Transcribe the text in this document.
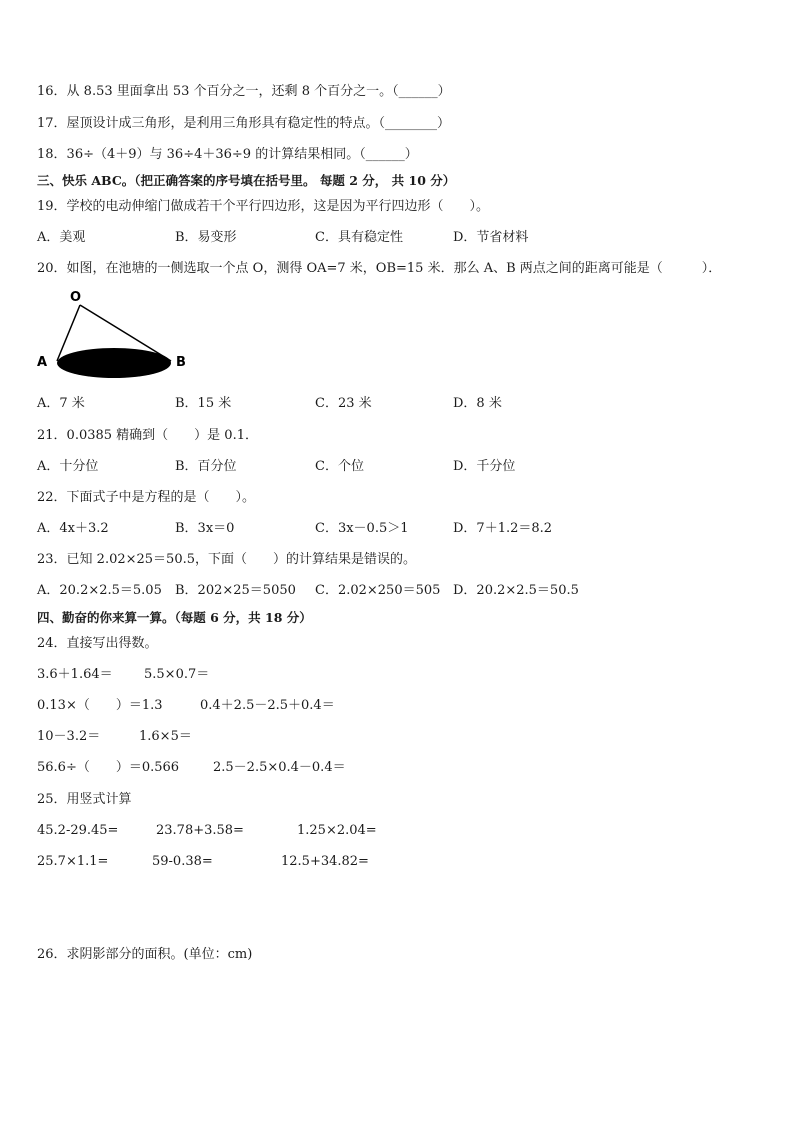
16．从 8.53 里面拿出 53 个百分之一，还剩 8 个百分之一。（______）
17．屋顶设计成三角形，是利用三角形具有稳定性的特点。（________）
18．36÷（4＋9）与 36÷4＋36÷9 的计算结果相同。（______）
三、快乐 ABC。（把正确答案的序号填在括号里。 每题 2 分， 共 10 分）
19．学校的电动伸缩门做成若干个平行四边形，这是因为平行四边形（　　）。
A．美观	B．易变形	C．具有稳定性	D．节省材料
20．如图，在池塘的一侧选取一个点 O，测得 OA=7 米，OB=15 米．那么 A、B 两点之间的距离可能是（　　　）．
O
A	B
A．7 米	B．15 米	C．23 米	D．8 米
21．0.0385 精确到（　　）是 0.1．
A．十分位	B．百分位	C．个位	D．千分位
22．下面式子中是方程的是（　　）。
A．4x＋3.2	B．3x＝0	C．3x－0.5＞1	D．7＋1.2＝8.2
23．已知 2.02×25＝50.5，下面（　　）的计算结果是错误的。
A．20.2×2.5＝5.05 B．202×25＝5050 C．2.02×250＝505 D．20.2×2.5＝50.5
四、勤奋的你来算一算。（每题 6 分，共 18 分）
24．直接写出得数。
3.6＋1.64＝ 5.5×0.7＝
0.13×（　　）＝1.3	0.4＋2.5－2.5＋0.4＝
10－3.2＝	1.6×5＝
56.6÷（　　）＝0.566	2.5－2.5×0.4－0.4＝
25．用竖式计算
45.2-29.45=	23.78+3.58=	1.25×2.04=
25.7×1.1=	59-0.38=	12.5+34.82=
26．求阴影部分的面积。(单位：cm)
